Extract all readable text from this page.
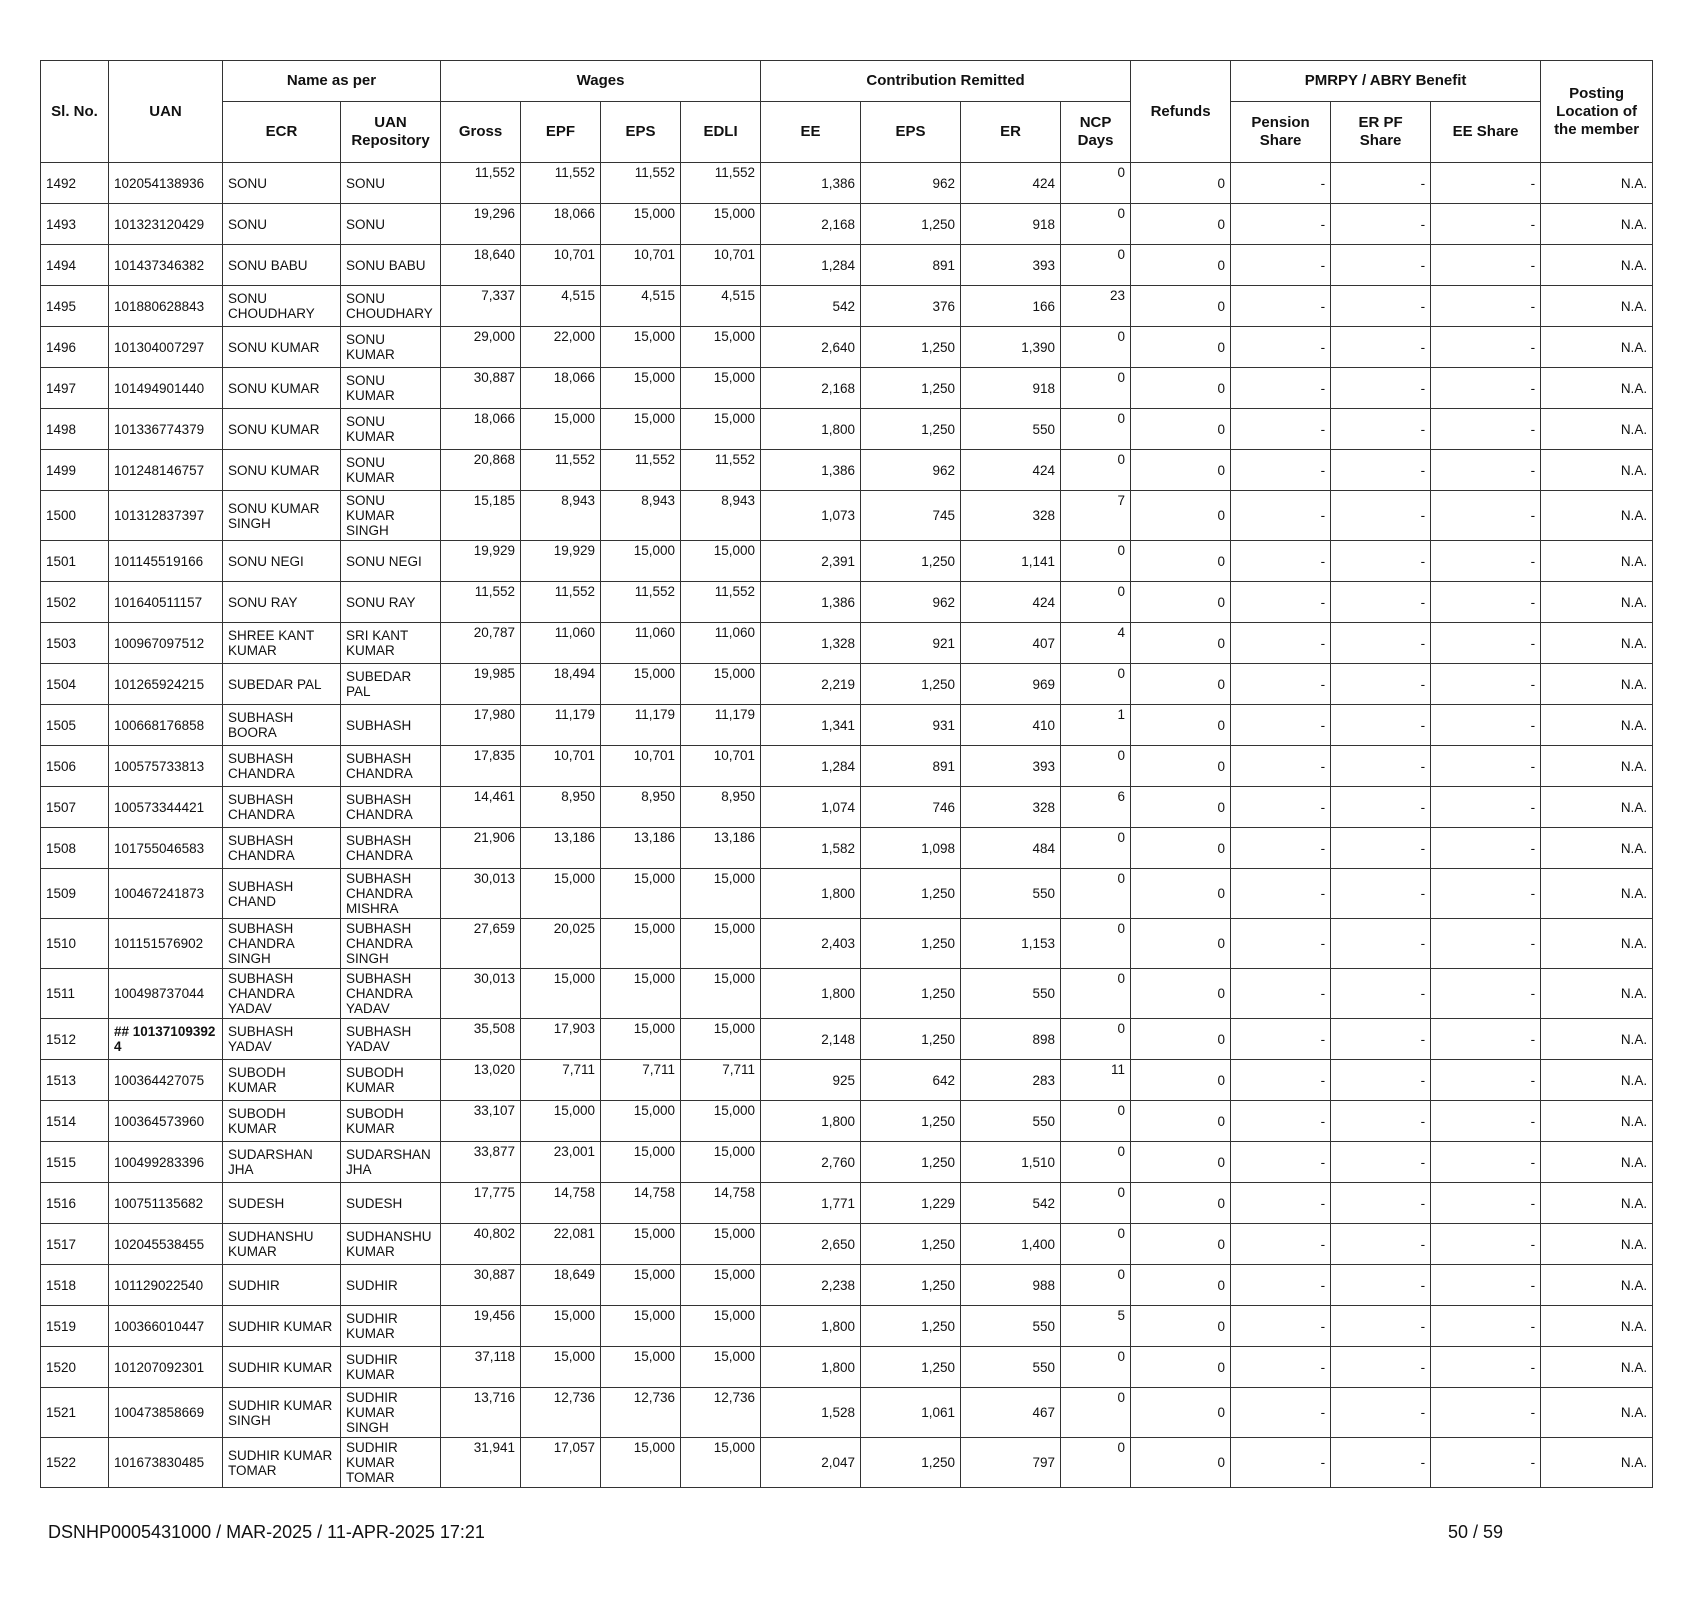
Sl. No.	UAN	Name as per		Wages				Contribution Remitted				Refunds	PMRPY / ABRY Benefit			Posting Location of the member
		ECR	UAN Repository	Gross	EPF	EPS	EDLI	EE	EPS	ER	NCP Days		Pension Share	ER PF Share	EE Share	
1492	102054138936	SONU	SONU	11,552	11,552	11,552	11,552	1,386	962	424	0	0	-	-	-	N.A.
1493	101323120429	SONU	SONU	19,296	18,066	15,000	15,000	2,168	1,250	918	0	0	-	-	-	N.A.
1494	101437346382	SONU BABU	SONU BABU	18,640	10,701	10,701	10,701	1,284	891	393	0	0	-	-	-	N.A.
1495	101880628843	SONU CHOUDHARY	SONU CHOUDHARY	7,337	4,515	4,515	4,515	542	376	166	23	0	-	-	-	N.A.
1496	101304007297	SONU KUMAR	SONU KUMAR	29,000	22,000	15,000	15,000	2,640	1,250	1,390	0	0	-	-	-	N.A.
1497	101494901440	SONU KUMAR	SONU KUMAR	30,887	18,066	15,000	15,000	2,168	1,250	918	0	0	-	-	-	N.A.
1498	101336774379	SONU KUMAR	SONU KUMAR	18,066	15,000	15,000	15,000	1,800	1,250	550	0	0	-	-	-	N.A.
1499	101248146757	SONU KUMAR	SONU KUMAR	20,868	11,552	11,552	11,552	1,386	962	424	0	0	-	-	-	N.A.
1500	101312837397	SONU KUMAR SINGH	SONU KUMAR SINGH	15,185	8,943	8,943	8,943	1,073	745	328	7	0	-	-	-	N.A.
1501	101145519166	SONU NEGI	SONU NEGI	19,929	19,929	15,000	15,000	2,391	1,250	1,141	0	0	-	-	-	N.A.
1502	101640511157	SONU RAY	SONU RAY	11,552	11,552	11,552	11,552	1,386	962	424	0	0	-	-	-	N.A.
1503	100967097512	SHREE KANT KUMAR	SRI KANT KUMAR	20,787	11,060	11,060	11,060	1,328	921	407	4	0	-	-	-	N.A.
1504	101265924215	SUBEDAR PAL	SUBEDAR PAL	19,985	18,494	15,000	15,000	2,219	1,250	969	0	0	-	-	-	N.A.
1505	100668176858	SUBHASH BOORA	SUBHASH	17,980	11,179	11,179	11,179	1,341	931	410	1	0	-	-	-	N.A.
1506	100575733813	SUBHASH CHANDRA	SUBHASH CHANDRA	17,835	10,701	10,701	10,701	1,284	891	393	0	0	-	-	-	N.A.
1507	100573344421	SUBHASH CHANDRA	SUBHASH CHANDRA	14,461	8,950	8,950	8,950	1,074	746	328	6	0	-	-	-	N.A.
1508	101755046583	SUBHASH CHANDRA	SUBHASH CHANDRA	21,906	13,186	13,186	13,186	1,582	1,098	484	0	0	-	-	-	N.A.
1509	100467241873	SUBHASH CHAND	SUBHASH CHANDRA MISHRA	30,013	15,000	15,000	15,000	1,800	1,250	550	0	0	-	-	-	N.A.
1510	101151576902	SUBHASH CHANDRA SINGH	SUBHASH CHANDRA SINGH	27,659	20,025	15,000	15,000	2,403	1,250	1,153	0	0	-	-	-	N.A.
1511	100498737044	SUBHASH CHANDRA YADAV	SUBHASH CHANDRA YADAV	30,013	15,000	15,000	15,000	1,800	1,250	550	0	0	-	-	-	N.A.
1512	## 10137109392 4	SUBHASH YADAV	SUBHASH YADAV	35,508	17,903	15,000	15,000	2,148	1,250	898	0	0	-	-	-	N.A.
1513	100364427075	SUBODH KUMAR	SUBODH KUMAR	13,020	7,711	7,711	7,711	925	642	283	11	0	-	-	-	N.A.
1514	100364573960	SUBODH KUMAR	SUBODH KUMAR	33,107	15,000	15,000	15,000	1,800	1,250	550	0	0	-	-	-	N.A.
1515	100499283396	SUDARSHAN JHA	SUDARSHAN JHA	33,877	23,001	15,000	15,000	2,760	1,250	1,510	0	0	-	-	-	N.A.
1516	100751135682	SUDESH	SUDESH	17,775	14,758	14,758	14,758	1,771	1,229	542	0	0	-	-	-	N.A.
1517	102045538455	SUDHANSHU KUMAR	SUDHANSHU KUMAR	40,802	22,081	15,000	15,000	2,650	1,250	1,400	0	0	-	-	-	N.A.
1518	101129022540	SUDHIR	SUDHIR	30,887	18,649	15,000	15,000	2,238	1,250	988	0	0	-	-	-	N.A.
1519	100366010447	SUDHIR KUMAR	SUDHIR KUMAR	19,456	15,000	15,000	15,000	1,800	1,250	550	5	0	-	-	-	N.A.
1520	101207092301	SUDHIR KUMAR	SUDHIR KUMAR	37,118	15,000	15,000	15,000	1,800	1,250	550	0	0	-	-	-	N.A.
1521	100473858669	SUDHIR KUMAR SINGH	SUDHIR KUMAR SINGH	13,716	12,736	12,736	12,736	1,528	1,061	467	0	0	-	-	-	N.A.
1522	101673830485	SUDHIR KUMAR TOMAR	SUDHIR KUMAR TOMAR	31,941	17,057	15,000	15,000	2,047	1,250	797	0	0	-	-	-	N.A.
DSNHP0005431000 / MAR-2025 / 11-APR-2025 17:21	50 / 59
